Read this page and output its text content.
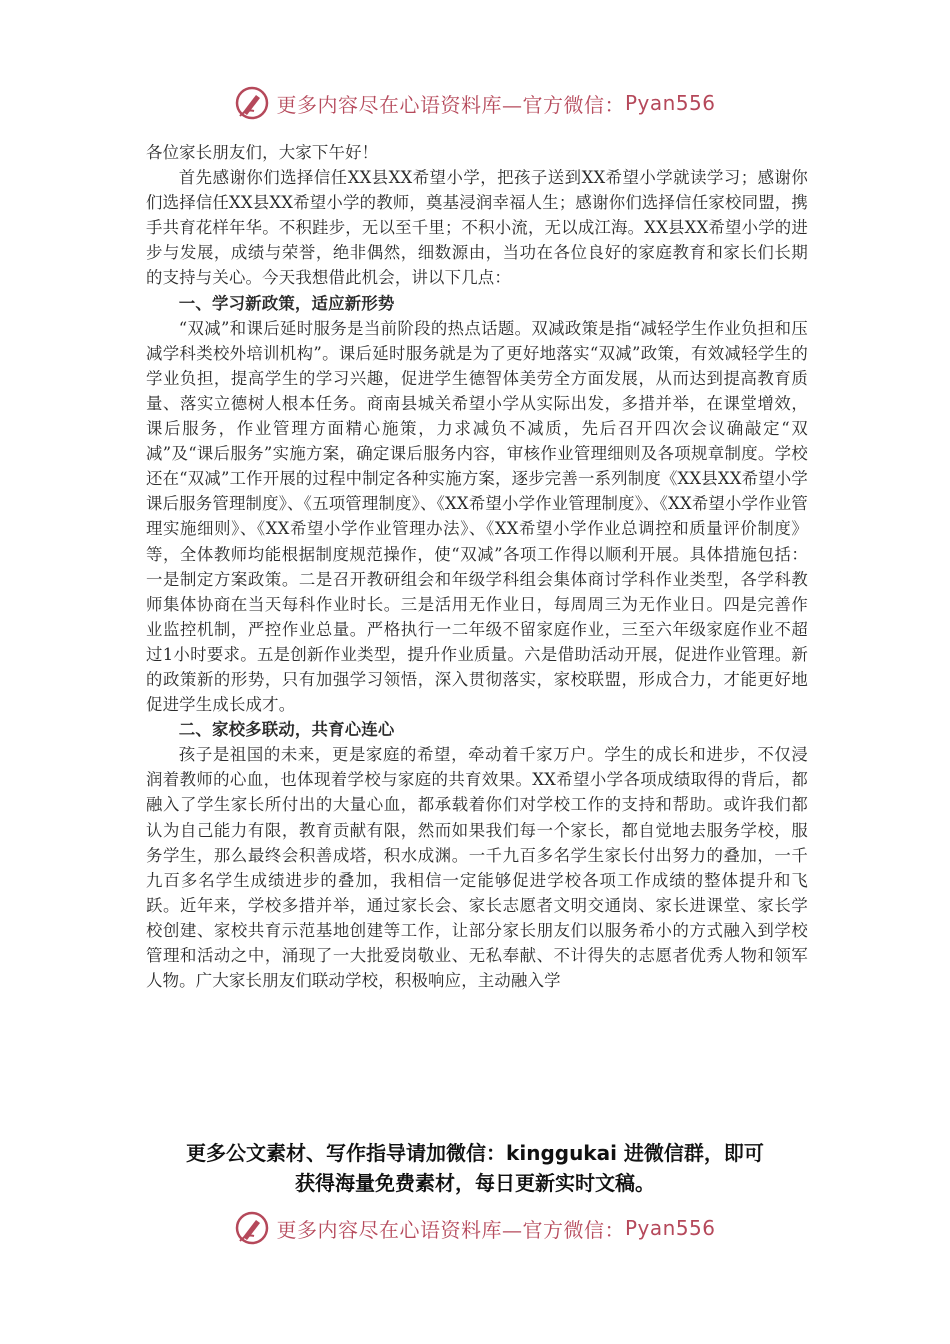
更多内容尽在心语资料库—官方微信： Pyan556

各位家长朋友们，大家下午好！

首先感谢你们选择信任XX县XX希望小学，把孩子送到XX希望小学就读学习；感谢你们选择信任XX县XX希望小学的教师，奠基浸润幸福人生；感谢你们选择信任家校同盟，携手共育花样年华。不积跬步，无以至千里；不积小流，无以成江海。XX县XX希望小学的进步与发展，成绩与荣誉，绝非偶然，细数源由，当功在各位良好的家庭教育和家长们长期的支持与关心。今天我想借此机会，讲以下几点：

一、学习新政策，适应新形势

“双减”和课后延时服务是当前阶段的热点话题。双减政策是指“减轻学生作业负担和压减学科类校外培训机构”。课后延时服务就是为了更好地落实“双减”政策，有效减轻学生的学业负担，提高学生的学习兴趣，促进学生德智体美劳全方面发展，从而达到提高教育质量、落实立德树人根本任务。商南县城关希望小学从实际出发，多措并举，在课堂增效，课后服务，作业管理方面精心施策，力求减负不减质，先后召开四次会议确敲定“双减”及“课后服务”实施方案，确定课后服务内容，审核作业管理细则及各项规章制度。学校还在“双减”工作开展的过程中制定各种实施方案，逐步完善一系列制度《XX县XX希望小学课后服务管理制度》、《五项管理制度》、《XX希望小学作业管理制度》、《XX希望小学作业管理实施细则》、《XX希望小学作业管理办法》、《XX希望小学作业总调控和质量评价制度》等，全体教师均能根据制度规范操作，使“双减”各项工作得以顺利开展。具体措施包括：一是制定方案政策。二是召开教研组会和年级学科组会集体商讨学科作业类型，各学科教师集体协商在当天每科作业时长。三是活用无作业日，每周周三为无作业日。四是完善作业监控机制，严控作业总量。严格执行一二年级不留家庭作业，三至六年级家庭作业不超过1小时要求。五是创新作业类型，提升作业质量。六是借助活动开展，促进作业管理。新的政策新的形势，只有加强学习领悟，深入贯彻落实，家校联盟，形成合力，才能更好地促进学生成长成才。

二、家校多联动，共育心连心

孩子是祖国的未来，更是家庭的希望，牵动着千家万户。学生的成长和进步，不仅浸润着教师的心血，也体现着学校与家庭的共育效果。XX希望小学各项成绩取得的背后，都融入了学生家长所付出的大量心血，都承载着你们对学校工作的支持和帮助。或许我们都认为自己能力有限，教育贡献有限，然而如果我们每一个家长，都自觉地去服务学校，服务学生，那么最终会积善成塔，积水成渊。一千九百多名学生家长付出努力的叠加，一千九百多名学生成绩进步的叠加，我相信一定能够促进学校各项工作成绩的整体提升和飞跃。近年来，学校多措并举，通过家长会、家长志愿者文明交通岗、家长进课堂、家长学校创建、家校共育示范基地创建等工作，让部分家长朋友们以服务希小的方式融入到学校管理和活动之中，涌现了一大批爱岗敬业、无私奉献、不计得失的志愿者优秀人物和领军人物。广大家长朋友们联动学校，积极响应，主动融入学

更多公文素材、写作指导请加微信：kinggukai 进微信群，即可
获得海量免费素材，每日更新实时文稿。
更多内容尽在心语资料库—官方微信： Pyan556
